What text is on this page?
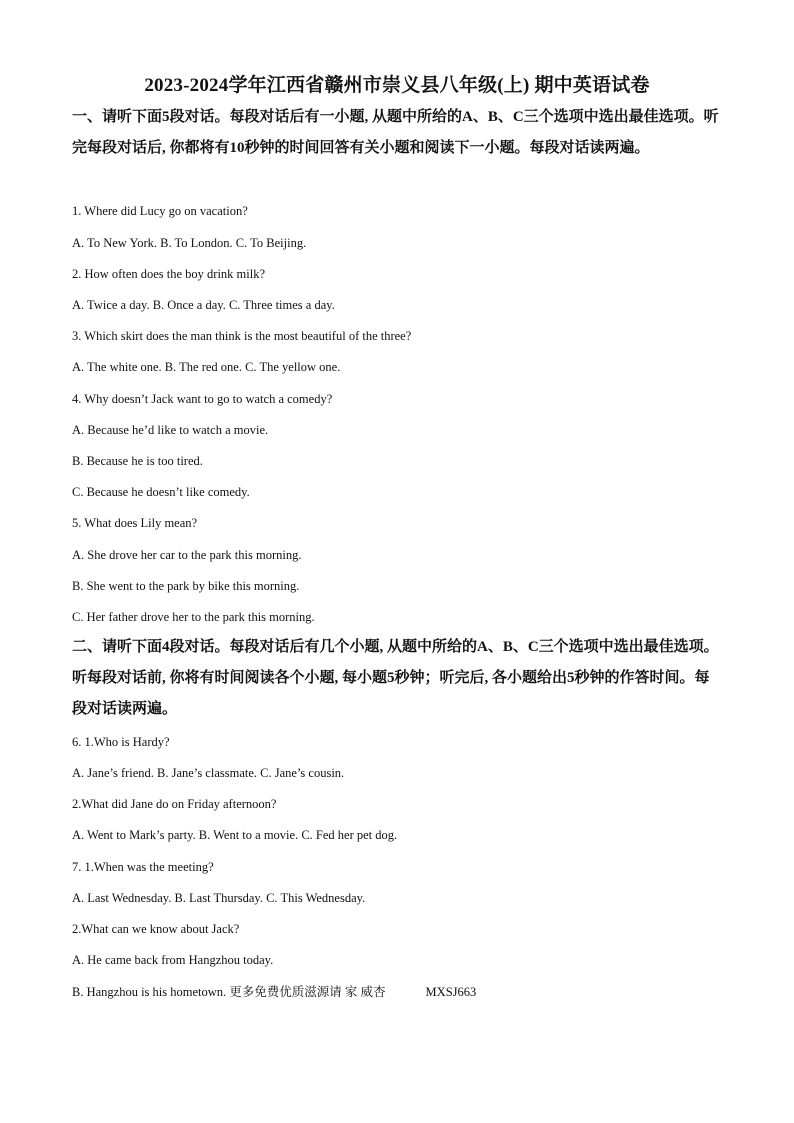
2023-2024学年江西省赣州市崇义县八年级(上) 期中英语试卷
一、请听下面5段对话。每段对话后有一小题, 从题中所给的A、B、C三个选项中选出最佳选项。听完每段对话后, 你都将有10秒钟的时间回答有关小题和阅读下一小题。每段对话读两遍。
1. Where did Lucy go on vacation?
A. To New York. B. To London. C. To Beijing.
2. How often does the boy drink milk?
A. Twice a day. B. Once a day. C. Three times a day.
3. Which skirt does the man think is the most beautiful of the three?
A. The white one. B. The red one. C. The yellow one.
4. Why doesn’t Jack want to go to watch a comedy?
A. Because he’d like to watch a movie.
B. Because he is too tired.
C. Because he doesn’t like comedy.
5. What does Lily mean?
A. She drove her car to the park this morning.
B. She went to the park by bike this morning.
C. Her father drove her to the park this morning.
二、请听下面4段对话。每段对话后有几个小题, 从题中所给的A、B、C三个选项中选出最佳选项。听每段对话前, 你将有时间阅读各个小题, 每小题5秒钟；听完后, 各小题给出5秒钟的作答时间。每段对话读两遍。
6. 1.Who is Hardy?
A. Jane’s friend. B. Jane’s classmate. C. Jane’s cousin.
2.What did Jane do on Friday afternoon?
A. Went to Mark’s party. B. Went to a movie. C. Fed her pet dog.
7. 1.When was the meeting?
A. Last Wednesday. B. Last Thursday. C. This Wednesday.
2.What can we know about Jack?
A. He came back from Hangzhou today.
B. Hangzhou is his hometown. 更多免费优质滋源请 家 威杏	MXSJ663
